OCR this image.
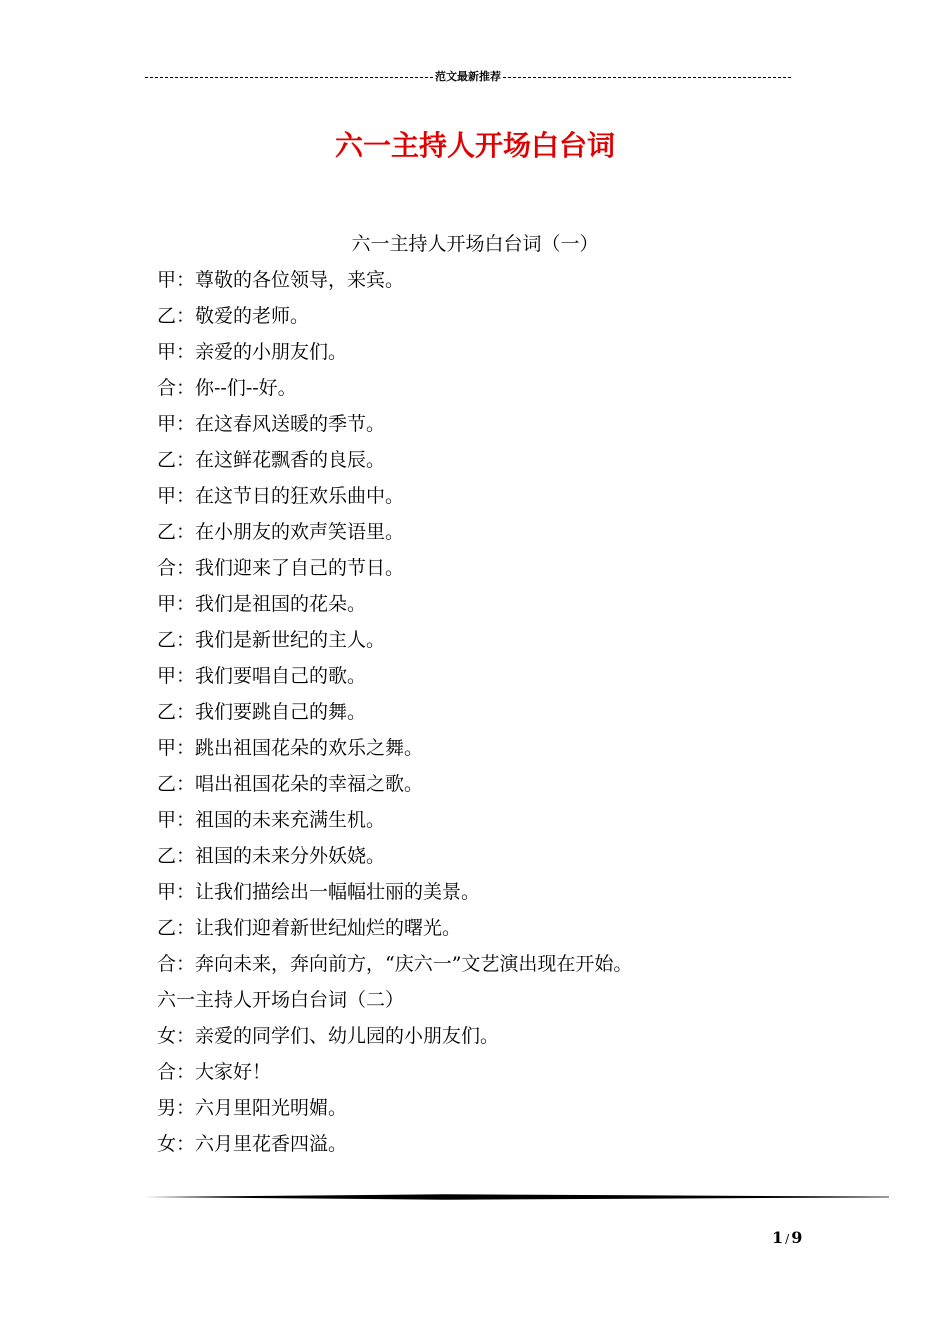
范文最新推荐
六一主持人开场白台词

六一主持人开场白台词（一）

甲：尊敬的各位领导，来宾。
乙：敬爱的老师。
甲：亲爱的小朋友们。
合：你--们--好。
甲：在这春风送暖的季节。
乙：在这鲜花飘香的良辰。
甲：在这节日的狂欢乐曲中。
乙：在小朋友的欢声笑语里。
合：我们迎来了自己的节日。
甲：我们是祖国的花朵。
乙：我们是新世纪的主人。
甲：我们要唱自己的歌。
乙：我们要跳自己的舞。
甲：跳出祖国花朵的欢乐之舞。
乙：唱出祖国花朵的幸福之歌。
甲：祖国的未来充满生机。
乙：祖国的未来分外妖娆。
甲：让我们描绘出一幅幅壮丽的美景。
乙：让我们迎着新世纪灿烂的曙光。
合：奔向未来，奔向前方，“庆六一”文艺演出现在开始。
六一主持人开场白台词（二）
女：亲爱的同学们、幼儿园的小朋友们。
合：大家好！
男：六月里阳光明媚。
女：六月里花香四溢。
1 / 9
